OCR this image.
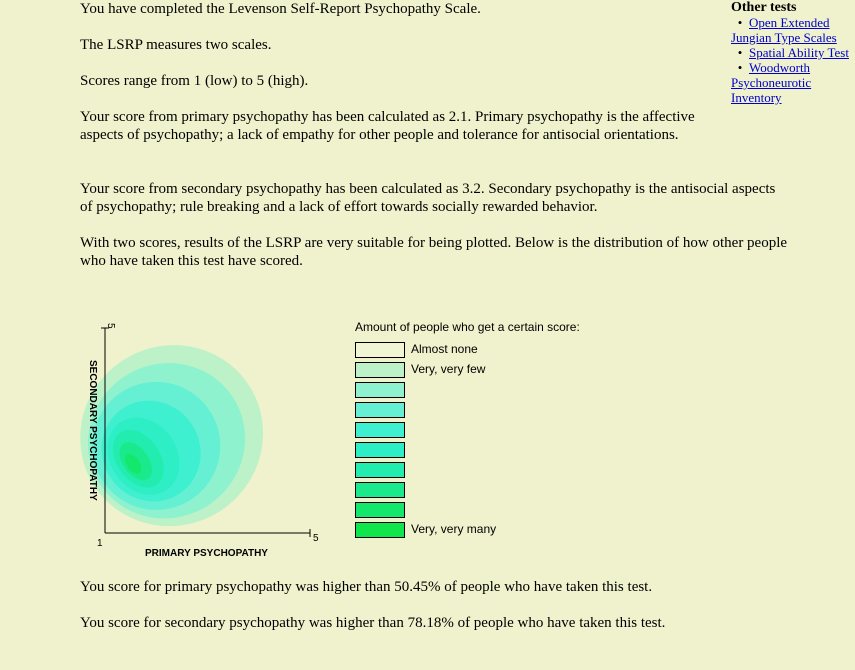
You have completed the Levenson Self-Report Psychopathy Scale.

The LSRP measures two scales.

Scores range from 1 (low) to 5 (high).

Your score from primary psychopathy has been calculated as 2.1. Primary psychopathy is the affective aspects of psychopathy; a lack of empathy for other people and tolerance for antisocial orientations.

Your score from secondary psychopathy has been calculated as 3.2. Secondary psychopathy is the antisocial aspects of psychopathy; rule breaking and a lack of effort towards socially rewarded behavior.

With two scores, results of the LSRP are very suitable for being plotted. Below is the distribution of how other people who have taken this test have scored.

You score for primary psychopathy was higher than 50.45% of people who have taken this test.

You score for secondary psychopathy was higher than 78.18% of people who have taken this test.

Other tests
• Open Extended Jungian Type Scales
• Spatial Ability Test
• Woodworth Psychoneurotic Inventory
1	5
5
PRIMARY PSYCHOPATHY
SECONDARY PSYCHOPATHY
Amount of people who get a certain score:
Almost none
Very, very few
Very, very many
